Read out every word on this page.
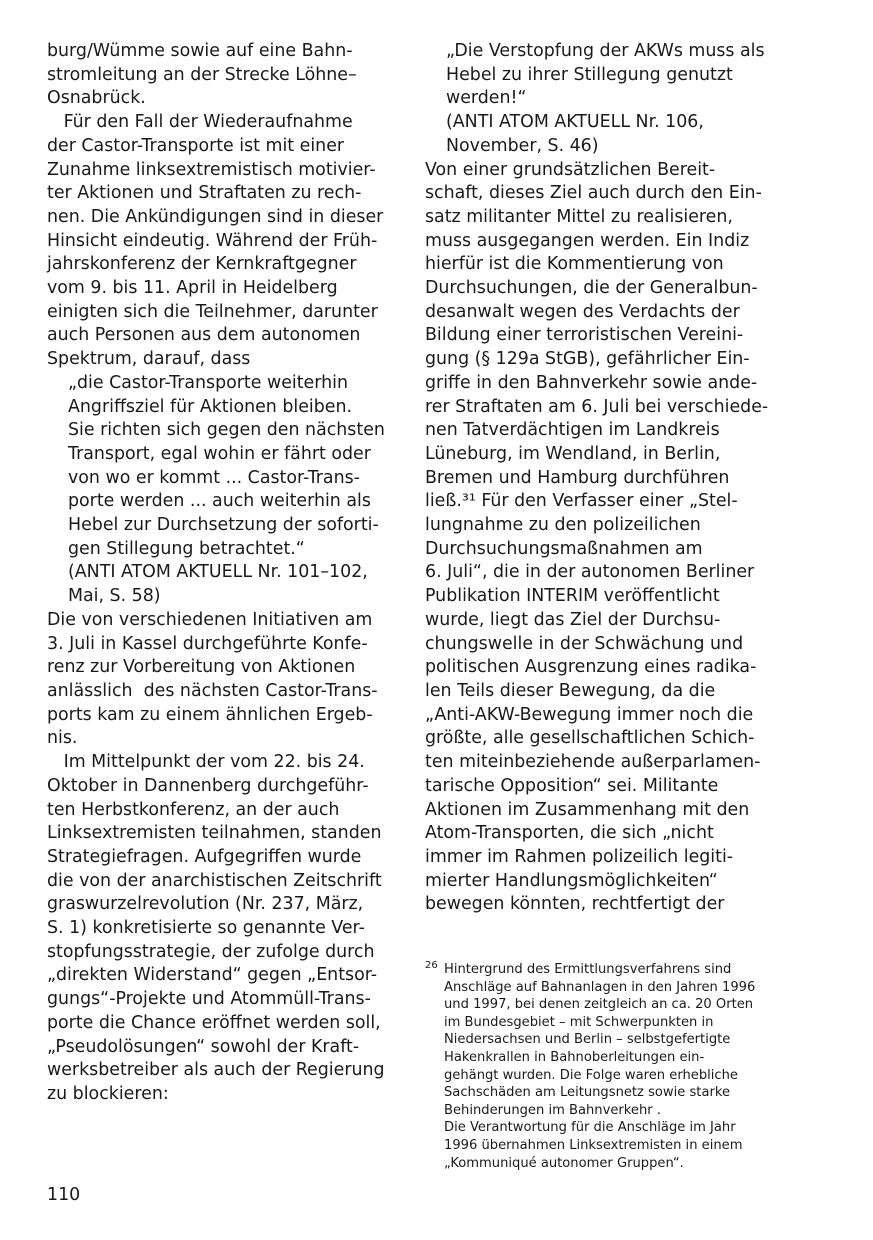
burg/Wümme sowie auf eine Bahn-
stromleitung an der Strecke Löhne–
Osnabrück.
Für den Fall der Wiederaufnahme
der Castor-Transporte ist mit einer
Zunahme linksextremistisch motivier-
ter Aktionen und Straftaten zu rech-
nen. Die Ankündigungen sind in dieser
Hinsicht eindeutig. Während der Früh-
jahrskonferenz der Kernkraftgegner
vom 9. bis 11. April in Heidelberg
einigten sich die Teilnehmer, darunter
auch Personen aus dem autonomen
Spektrum, darauf, dass
„die Castor-Transporte weiterhin
Angriffsziel für Aktionen bleiben.
Sie richten sich gegen den nächsten
Transport, egal wohin er fährt oder
von wo er kommt ... Castor-Trans-
porte werden ... auch weiterhin als
Hebel zur Durchsetzung der soforti-
gen Stillegung betrachtet.“
(ANTI ATOM AKTUELL Nr. 101–102,
Mai, S. 58)
Die von verschiedenen Initiativen am
3. Juli in Kassel durchgeführte Konfe-
renz zur Vorbereitung von Aktionen
anlässlich  des nächsten Castor-Trans-
ports kam zu einem ähnlichen Ergeb-
nis.
Im Mittelpunkt der vom 22. bis 24.
Oktober in Dannenberg durchgeführ-
ten Herbstkonferenz, an der auch
Linksextremisten teilnahmen, standen
Strategiefragen. Aufgegriffen wurde
die von der anarchistischen Zeitschrift
graswurzelrevolution (Nr. 237, März,
S. 1) konkretisierte so genannte Ver-
stopfungsstrategie, der zufolge durch
„direkten Widerstand“ gegen „Entsor-
gungs“-Projekte und Atommüll-Trans-
porte die Chance eröffnet werden soll,
„Pseudolösungen“ sowohl der Kraft-
werksbetreiber als auch der Regierung
zu blockieren:
„Die Verstopfung der AKWs muss als
Hebel zu ihrer Stillegung genutzt
werden!“
(ANTI ATOM AKTUELL Nr. 106,
November, S. 46)
Von einer grundsätzlichen Bereit-
schaft, dieses Ziel auch durch den Ein-
satz militanter Mittel zu realisieren,
muss ausgegangen werden. Ein Indiz
hierfür ist die Kommentierung von
Durchsuchungen, die der Generalbun-
desanwalt wegen des Verdachts der
Bildung einer terroristischen Vereini-
gung (§ 129a StGB), gefährlicher Ein-
griffe in den Bahnverkehr sowie ande-
rer Straftaten am 6. Juli bei verschiede-
nen Tatverdächtigen im Landkreis
Lüneburg, im Wendland, in Berlin,
Bremen und Hamburg durchführen
ließ.³¹ Für den Verfasser einer „Stel-
lungnahme zu den polizeilichen
Durchsuchungsmaßnahmen am
6. Juli“, die in der autonomen Berliner
Publikation INTERIM veröffentlicht
wurde, liegt das Ziel der Durchsu-
chungswelle in der Schwächung und
politischen Ausgrenzung eines radika-
len Teils dieser Bewegung, da die
„Anti-AKW-Bewegung immer noch die
größte, alle gesellschaftlichen Schich-
ten miteinbeziehende außerparlamen-
tarische Opposition“ sei. Militante
Aktionen im Zusammenhang mit den
Atom-Transporten, die sich „nicht
immer im Rahmen polizeilich legiti-
mierter Handlungsmöglichkeiten“
bewegen könnten, rechtfertigt der
26 Hintergrund des Ermittlungsverfahrens sind
Anschläge auf Bahnanlagen in den Jahren 1996
und 1997, bei denen zeitgleich an ca. 20 Orten
im Bundesgebiet – mit Schwerpunkten in
Niedersachsen und Berlin – selbstgefertigte
Hakenkrallen in Bahnoberleitungen ein-
gehängt wurden. Die Folge waren erhebliche
Sachschäden am Leitungsnetz sowie starke
Behinderungen im Bahnverkehr .
Die Verantwortung für die Anschläge im Jahr
1996 übernahmen Linksextremisten in einem
„Kommuniqué autonomer Gruppen“.
110
